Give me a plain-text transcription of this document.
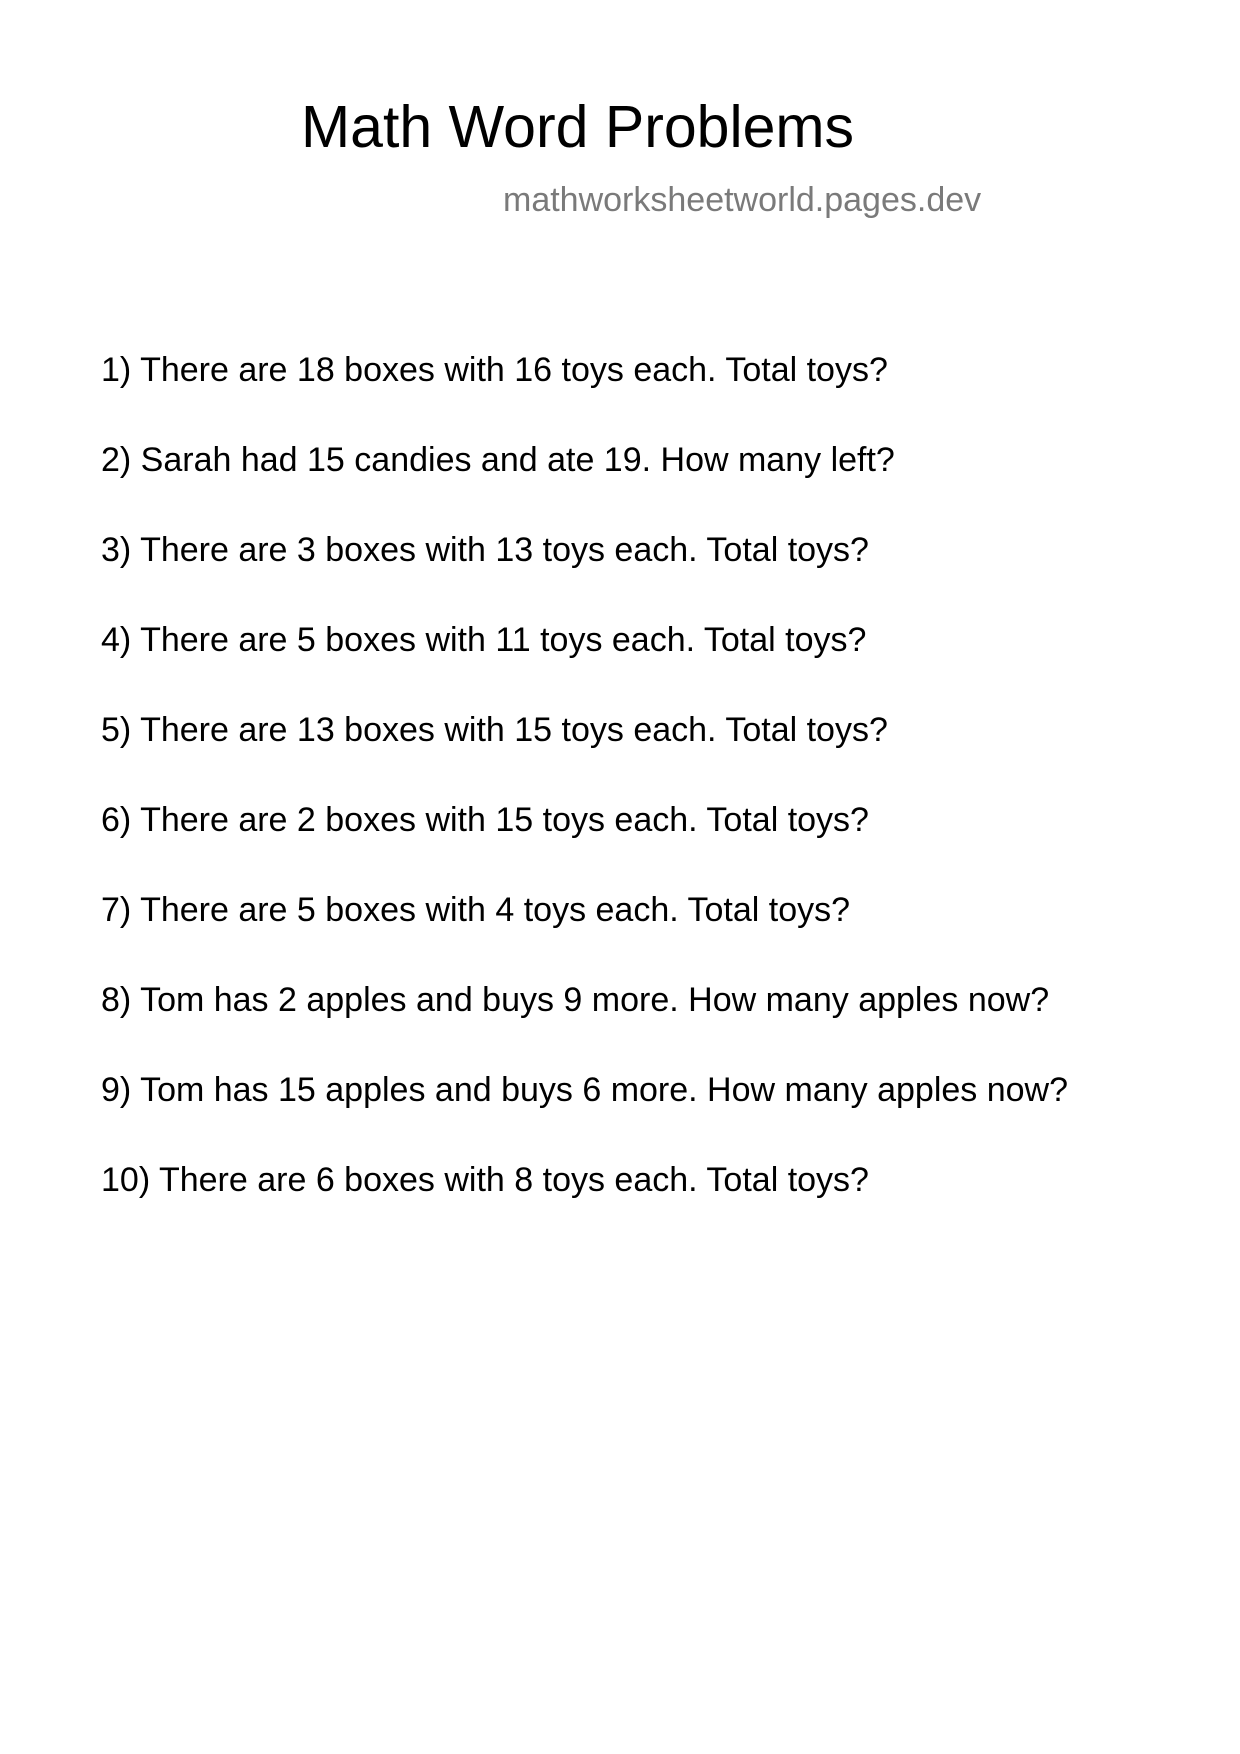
Math Word Problems
mathworksheetworld.pages.dev
1) There are 18 boxes with 16 toys each. Total toys?
2) Sarah had 15 candies and ate 19. How many left?
3) There are 3 boxes with 13 toys each. Total toys?
4) There are 5 boxes with 11 toys each. Total toys?
5) There are 13 boxes with 15 toys each. Total toys?
6) There are 2 boxes with 15 toys each. Total toys?
7) There are 5 boxes with 4 toys each. Total toys?
8) Tom has 2 apples and buys 9 more. How many apples now?
9) Tom has 15 apples and buys 6 more. How many apples now?
10) There are 6 boxes with 8 toys each. Total toys?
